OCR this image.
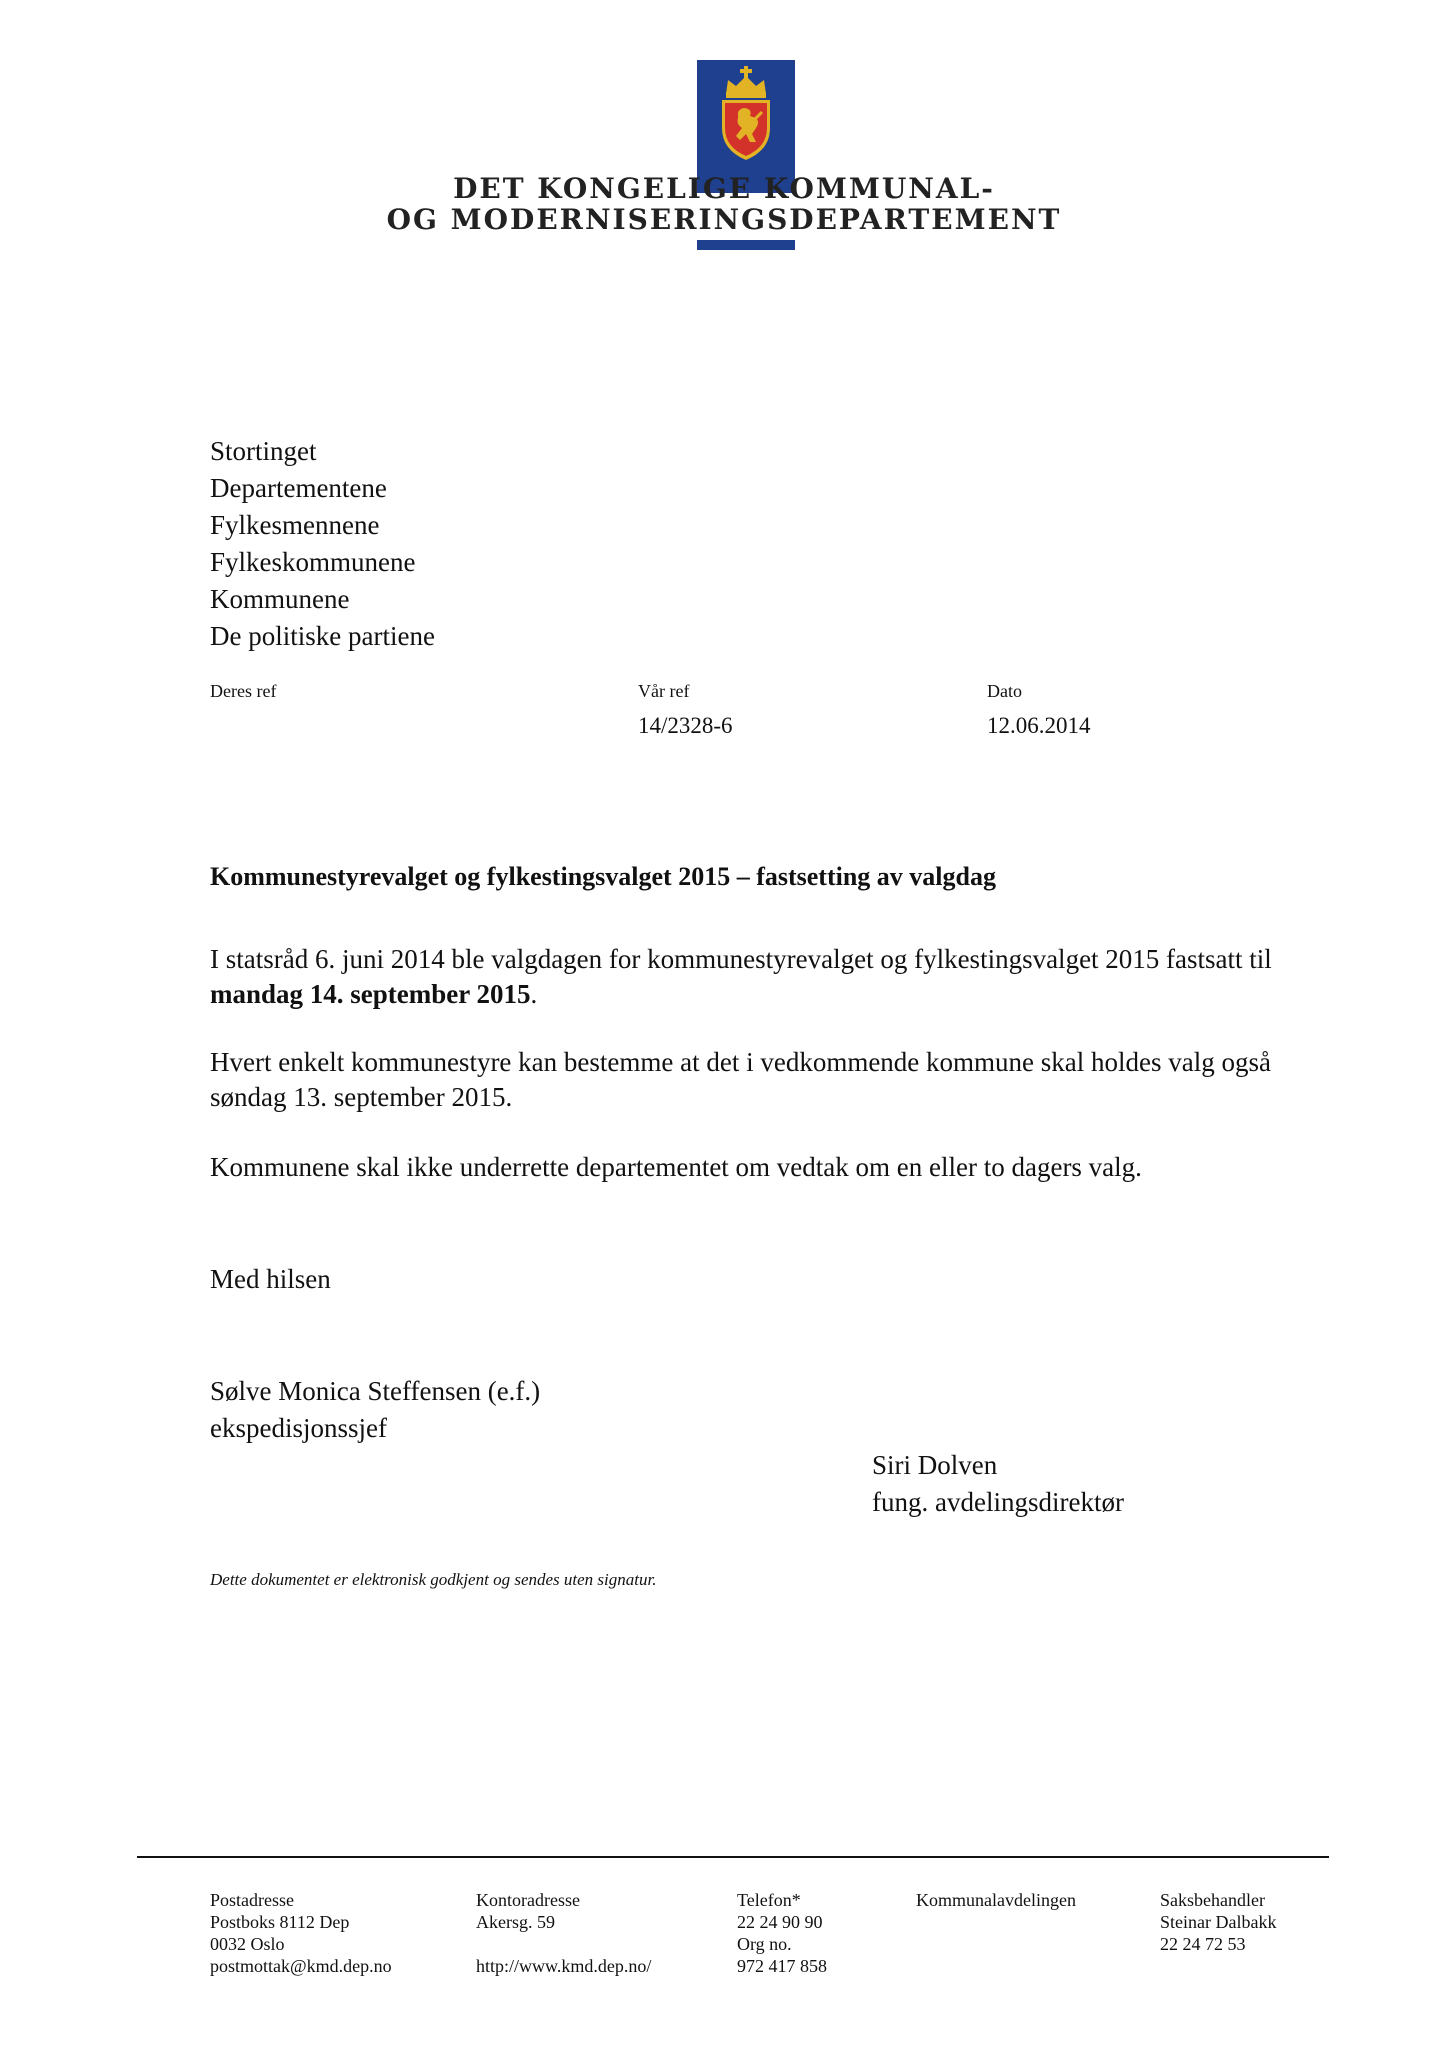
DET KONGELIGE KOMMUNAL-
OG MODERNISERINGSDEPARTEMENT
Stortinget
Departementene
Fylkesmennene
Fylkeskommunene
Kommunene
De politiske partiene
Deres ref	Vår ref
14/2328-6
Dato
12.06.2014
Kommunestyrevalget og fylkestingsvalget 2015 – fastsetting av valgdag
I statsråd 6. juni 2014 ble valgdagen for kommunestyrevalget og fylkestingsvalget 2015 fastsatt til mandag 14. september 2015.
Hvert enkelt kommunestyre kan bestemme at det i vedkommende kommune skal holdes valg også søndag 13. september 2015.
Kommunene skal ikke underrette departementet om vedtak om en eller to dagers valg.
Med hilsen
Sølve Monica Steffensen (e.f.)
ekspedisjonssjef
Siri Dolven
fung. avdelingsdirektør
Dette dokumentet er elektronisk godkjent og sendes uten signatur.
Postadresse
Postboks 8112 Dep
0032 Oslo
postmottak@kmd.dep.no
Kontoradresse
Akersg. 59
http://www.kmd.dep.no/
Telefon*
22 24 90 90
Org no.
972 417 858
Kommunalavdelingen	Saksbehandler
Steinar Dalbakk
22 24 72 53
